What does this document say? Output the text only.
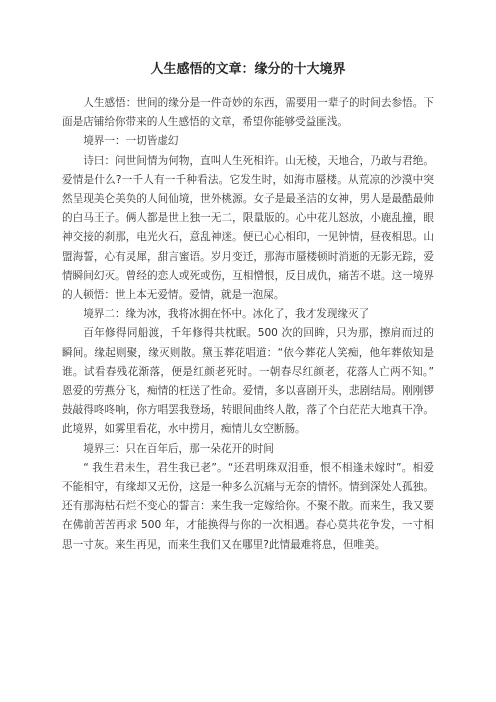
人生感悟的文章：缘分的十大境界

人生感悟：世间的缘分是一件奇妙的东西，需要用一辈子的时间去参悟。下面是店铺给你带来的人生感悟的文章，希望你能够受益匪浅。

境界一：一切皆虚幻

诗曰：问世间情为何物，直叫人生死相许。山无棱，天地合，乃敢与君绝。爱情是什么?一千人有一千种看法。它发生时，如海市蜃楼。从荒凉的沙漠中突然呈现美仑美奂的人间仙境，世外桃源。女子是最圣洁的女神，男人是最酷最帅的白马王子。俩人都是世上独一无二，限量版的。心中花儿怒放，小鹿乱撞，眼神交接的刹那，电光火石，意乱神迷。便已心心相印，一见钟情，昼夜相思。山盟海誓，心有灵犀，甜言蜜语。岁月变迁，那海市蜃楼顿时消逝的无影无踪，爱情瞬间幻灭。曾经的恋人或死或伤，互相憎恨，反目成仇，痛苦不堪。这一境界的人顿悟：世上本无爱情。爱情，就是一泡屎。

境界二：缘为冰，我将冰拥在怀中。冰化了，我才发现缘灭了

百年修得同船渡，千年修得共枕眠。500 次的回眸，只为那，擦肩而过的瞬间。缘起则聚，缘灭则散。黛玉葬花唱道：“依今葬花人笑痴，他年葬侬知是谁。试看春残花渐落，便是红颜老死时。一朝春尽红颜老，花落人亡两不知。” 恩爱的劳燕分飞，痴情的枉送了性命。爱情，多以喜剧开头，悲剧结局。刚刚锣鼓敲得咚咚响，你方唱罢我登场，转眼间曲终人散，落了个白茫茫大地真干净。此境界，如雾里看花，水中捞月，痴情儿女空断肠。

境界三：只在百年后，那一朵花开的时间

“ 我生君未生，君生我已老”。“还君明珠双泪垂，恨不相逢未嫁时”。相爱不能相守，有缘却又无份，这是一种多么沉痛与无奈的情怀。情到深处人孤独。还有那海枯石烂不变心的誓言：来生我一定嫁给你。不聚不散。而来生，我又要在佛前苦苦再求 500 年，才能换得与你的一次相遇。春心莫共花争发，一寸相思一寸灰。来生再见，而来生我们又在哪里?此情最难将息，但唯美。
